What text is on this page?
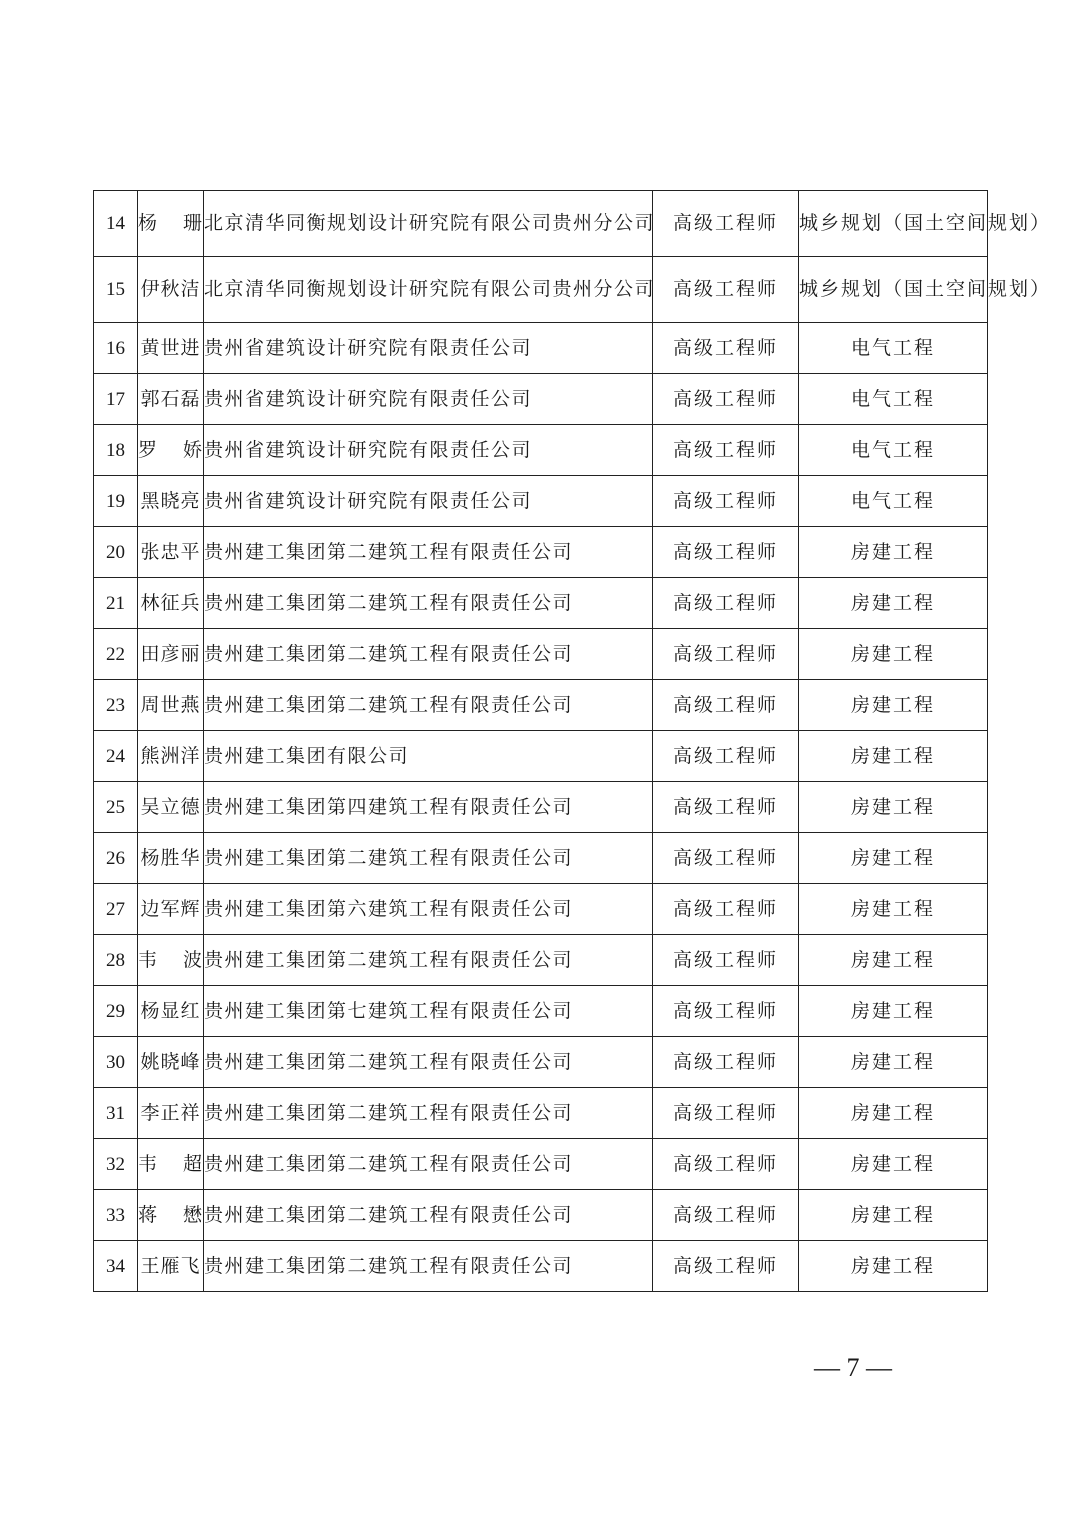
14	杨　珊	北京清华同衡规划设计研究院有限公司贵州分公司	高级工程师	城乡规划（国土空间规划）
15	伊秋洁	北京清华同衡规划设计研究院有限公司贵州分公司	高级工程师	城乡规划（国土空间规划）
16	黄世进	贵州省建筑设计研究院有限责任公司	高级工程师	电气工程
17	郭石磊	贵州省建筑设计研究院有限责任公司	高级工程师	电气工程
18	罗　娇	贵州省建筑设计研究院有限责任公司	高级工程师	电气工程
19	黑晓亮	贵州省建筑设计研究院有限责任公司	高级工程师	电气工程
20	张忠平	贵州建工集团第二建筑工程有限责任公司	高级工程师	房建工程
21	林征兵	贵州建工集团第二建筑工程有限责任公司	高级工程师	房建工程
22	田彦丽	贵州建工集团第二建筑工程有限责任公司	高级工程师	房建工程
23	周世燕	贵州建工集团第二建筑工程有限责任公司	高级工程师	房建工程
24	熊洲洋	贵州建工集团有限公司	高级工程师	房建工程
25	吴立德	贵州建工集团第四建筑工程有限责任公司	高级工程师	房建工程
26	杨胜华	贵州建工集团第二建筑工程有限责任公司	高级工程师	房建工程
27	边军辉	贵州建工集团第六建筑工程有限责任公司	高级工程师	房建工程
28	韦　波	贵州建工集团第二建筑工程有限责任公司	高级工程师	房建工程
29	杨显红	贵州建工集团第七建筑工程有限责任公司	高级工程师	房建工程
30	姚晓峰	贵州建工集团第二建筑工程有限责任公司	高级工程师	房建工程
31	李正祥	贵州建工集团第二建筑工程有限责任公司	高级工程师	房建工程
32	韦　超	贵州建工集团第二建筑工程有限责任公司	高级工程师	房建工程
33	蒋　懋	贵州建工集团第二建筑工程有限责任公司	高级工程师	房建工程
34	王雁飞	贵州建工集团第二建筑工程有限责任公司	高级工程师	房建工程
— 7 —
